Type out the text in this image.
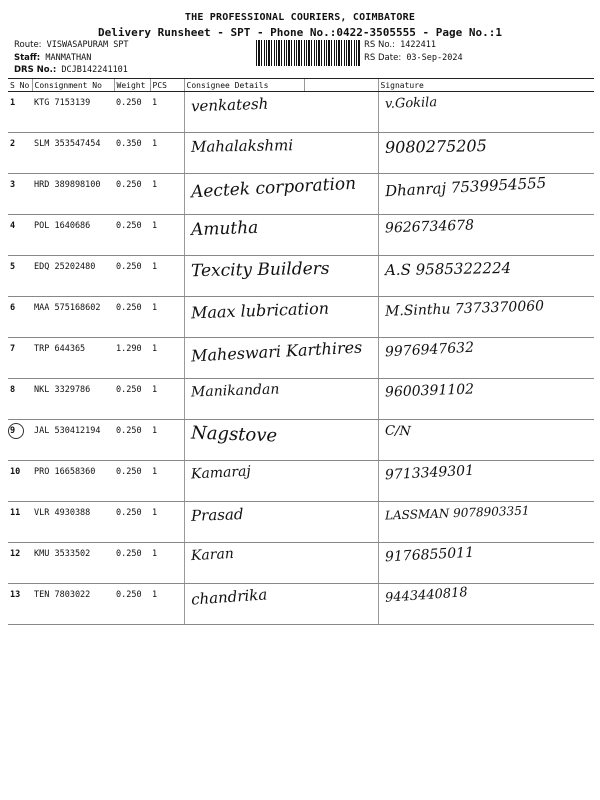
THE PROFESSIONAL COURIERS, COIMBATORE
Delivery Runsheet - SPT - Phone No.:0422-3505555 - Page No.:1
Route: VISWASAPURAM SPT
Staff: MANMATHAN
DRS No.: DCJB142241101
RS No.: 1422411
RS Date: 03-Sep-2024
S No	Consignment No	Weight	PCS	Consignee Details		Signature
1	KTG 7153139	0.250	1	venkatesh		v.Gokila

2	SLM 353547454	0.350	1	Mahalakshmi		9080275205

3	HRD 389898100	0.250	1	Aectek corporation		Dhanraj 7539954555

4	POL 1640686	0.250	1	Amutha		9626734678

5	EDQ 25202480	0.250	1	Texcity Builders		A.S 9585322224

6	MAA 575168602	0.250	1	Maax lubrication		M.Sinthu 7373370060

7	TRP 644365	1.290	1	Maheswari Karthires		9976947632

8	NKL 3329786	0.250	1	Manikandan		9600391102

9	JAL 530412194	0.250	1	Nagstove		C/N

10	PRO 16658360	0.250	1	Kamaraj		9713349301

11	VLR 4930388	0.250	1	Prasad		LASSMAN 9078903351

12	KMU 3533502	0.250	1	Karan		9176855011

13	TEN 7803022	0.250	1	chandrika		9443440818
